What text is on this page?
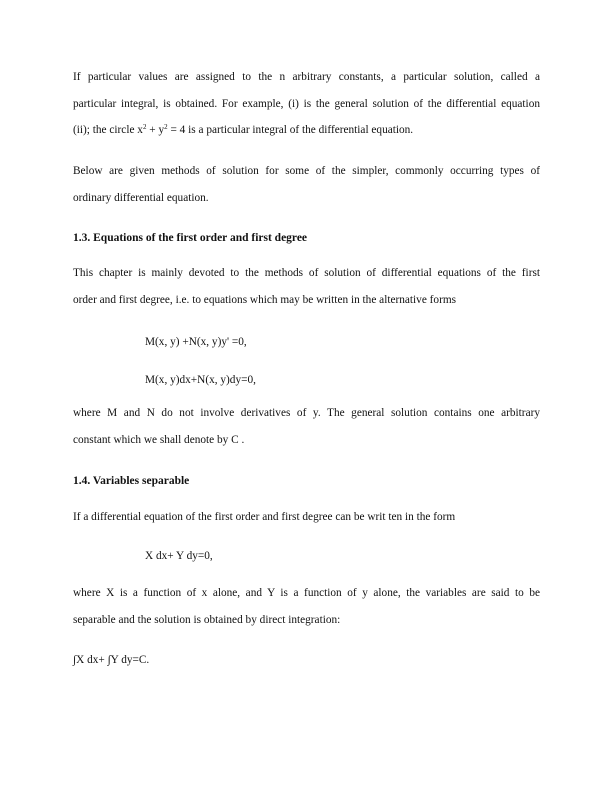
If particular values are assigned to the n arbitrary constants, a particular solution, called a
particular integral, is obtained. For example, (i) is the general solution of the differential equation
(ii); the circle $x^2 + y^2 = 4$ is a particular integral of the differential equation.
Below are given methods of solution for some of the simpler, commonly occurring types of
ordinary differential equation.
1.3. Equations of the first order and first degree
This chapter is mainly devoted to the methods of solution of differential equations of the first
order and first degree, i.e. to equations which may be written in the alternative forms

M(x, y) +N(x, y)y' =0,

M(x, y)dx+N(x, y)dy=0,

where M and N do not involve derivatives of y. The general solution contains one arbitrary
constant which we shall denote by C .
1.4. Variables separable
If a differential equation of the first order and first degree can be writ ten in the form

X dx+ Y dy=0,

where X is a function of x alone, and Y is a function of y alone, the variables are said to be
separable and the solution is obtained by direct integration:

∫X dx+ ∫Y dy=C.
